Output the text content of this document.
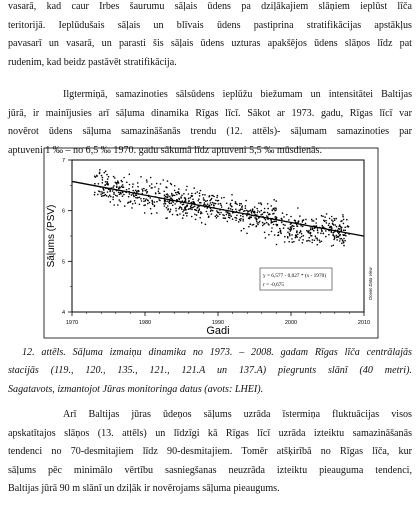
vasarā, kad caur Irbes šaurumu sāļais ūdens pa dziļākajiem slāņiem ieplūst līča
teritorijā. Ieplūdušais sāļais un blīvais ūdens pastiprina stratifikācijas apstākļus
pavasarī un vasarā, un parasti šis sāļais ūdens uzturas apakšējos ūdens slāņos līdz pat
rudenim, kad beidz pastāvēt stratifikācija.
Ilgtermiņā, samazinoties sālsūdens ieplūžu biežumam un intensitātei Baltijas
jūrā, ir mainījusies arī sāļuma dinamika Rīgas līcī. Sākot ar 1973. gadu, Rīgas līcī var
novērot ūdens sāļuma samazināšanās trendu (12. attēls)- sāļumam samazinoties par
aptuveni 1 ‰ – no 6,5 ‰ 1970. gadu sākumā līdz aptuveni 5,5 ‰ mūsdienās.
1970	1980	1990	2000	2010
4
5
6
7
Gadi
Sāļums (PSV)
y = 6,577 - 0,027 * (x - 1970)
r = -0,675	Ocean Data View
12. attēls. Sāļuma izmaiņu dinamika no 1973. – 2008. gadam Rīgas līča centrālajās
stacijās (119., 120., 135., 121., 121.A un 137.A) piegrunts slānī (40 metri).
Sagatavots, izmantojot Jūras monitoringa datus (avots: LHEI).
Arī Baltijas jūras ūdeņos sāļums uzrāda īstermiņa fluktuācijas visos
apskatītajos slāņos (13. attēls) un līdzīgi kā Rīgas līcī uzrāda izteiktu samazināšanās
tendenci no 70-desmitajiem līdz 90-desmitajiem. Tomēr atšķirībā no Rīgas līča, kur
sāļums pēc minimālo vērtību sasniegšanas neuzrāda izteiktu pieauguma tendenci,
Baltijas jūrā 90 m slānī un dziļāk ir novērojams sāļuma pieaugums.
